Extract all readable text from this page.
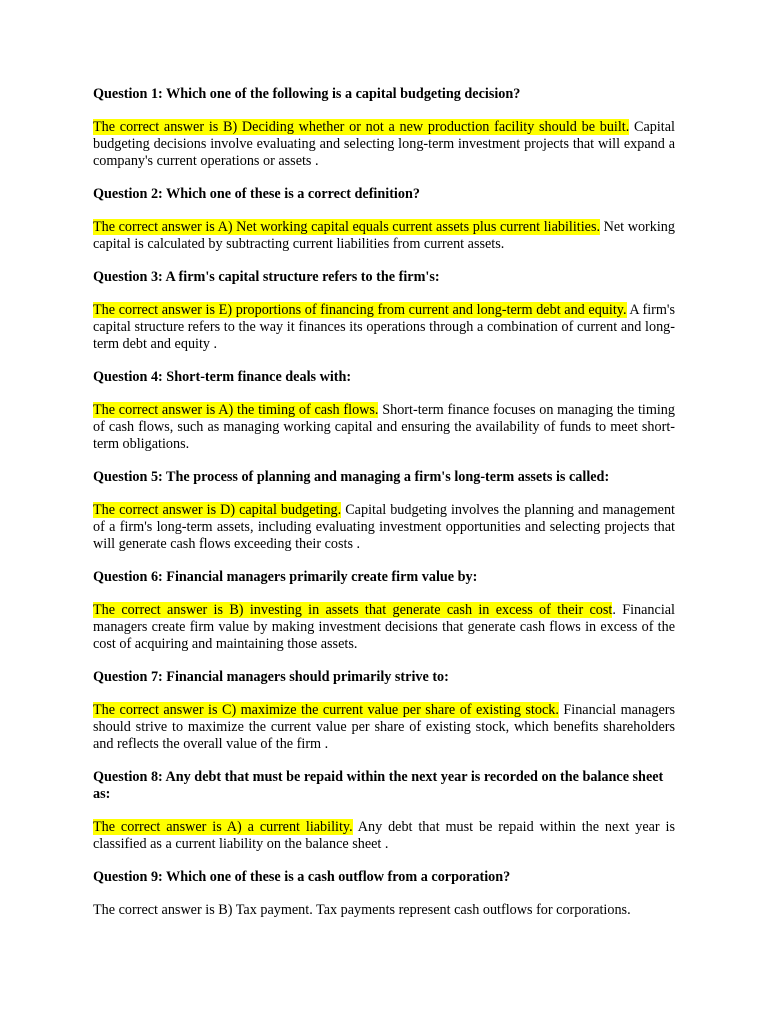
Question 1: Which one of the following is a capital budgeting decision?

The correct answer is B) Deciding whether or not a new production facility should be built. Capital budgeting decisions involve evaluating and selecting long-term investment projects that will expand a company's current operations or assets .

Question 2: Which one of these is a correct definition?

The correct answer is A) Net working capital equals current assets plus current liabilities. Net working capital is calculated by subtracting current liabilities from current assets.

Question 3: A firm's capital structure refers to the firm's:

The correct answer is E) proportions of financing from current and long-term debt and equity. A firm's capital structure refers to the way it finances its operations through a combination of current and long-term debt and equity .

Question 4: Short-term finance deals with:

The correct answer is A) the timing of cash flows. Short-term finance focuses on managing the timing of cash flows, such as managing working capital and ensuring the availability of funds to meet short-term obligations.

Question 5: The process of planning and managing a firm's long-term assets is called:

The correct answer is D) capital budgeting. Capital budgeting involves the planning and management of a firm's long-term assets, including evaluating investment opportunities and selecting projects that will generate cash flows exceeding their costs .

Question 6: Financial managers primarily create firm value by:

The correct answer is B) investing in assets that generate cash in excess of their cost. Financial managers create firm value by making investment decisions that generate cash flows in excess of the cost of acquiring and maintaining those assets.

Question 7: Financial managers should primarily strive to:

The correct answer is C) maximize the current value per share of existing stock. Financial managers should strive to maximize the current value per share of existing stock, which benefits shareholders and reflects the overall value of the firm .

Question 8: Any debt that must be repaid within the next year is recorded on the balance sheet as:

The correct answer is A) a current liability. Any debt that must be repaid within the next year is classified as a current liability on the balance sheet .

Question 9: Which one of these is a cash outflow from a corporation?

The correct answer is B) Tax payment. Tax payments represent cash outflows for corporations.
